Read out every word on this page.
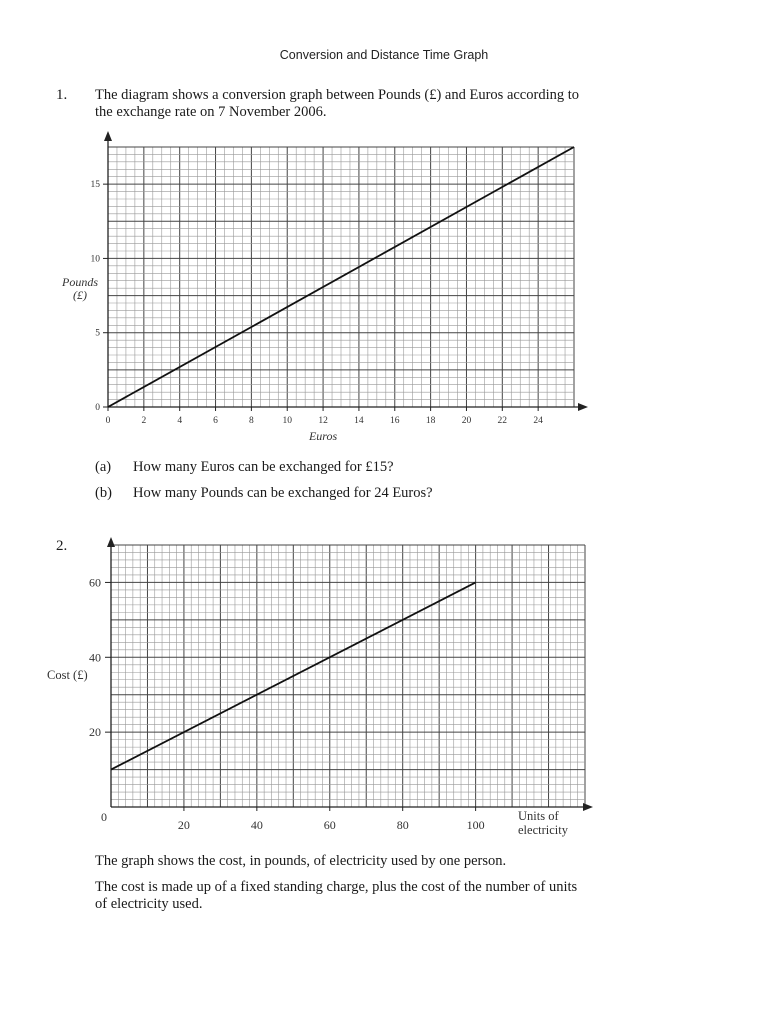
Conversion and Distance Time Graph
1. The diagram shows a conversion graph between Pounds (£) and Euros according to
the exchange rate on 7 November 2006.
0	2	4	6	8	10	12	14	16	18	20	22	24
0
5
10
15
Euros
Pounds
(£)
(a) How many Euros can be exchanged for £15?
(b) How many Pounds can be exchanged for 24 Euros?
2.
0
20	40	60	80	100
20
40
60
Units of
electricity
Cost (£)
The graph shows the cost, in pounds, of electricity used by one person.
The cost is made up of a fixed standing charge, plus the cost of the number of units
of electricity used.
